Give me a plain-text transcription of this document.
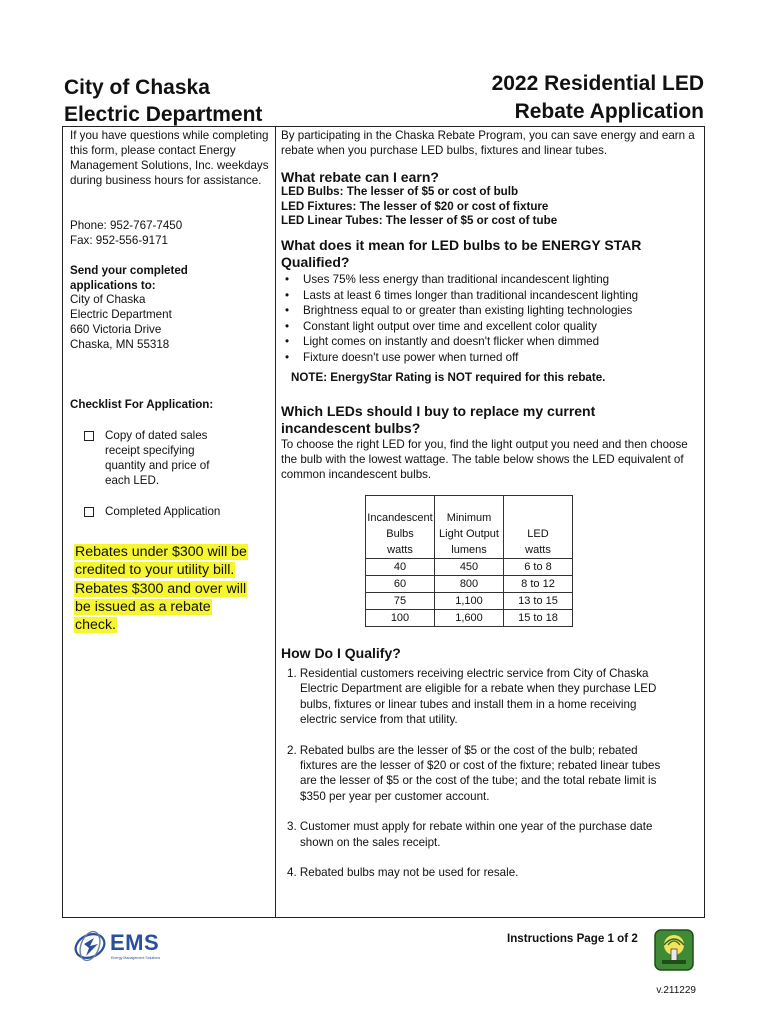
City of Chaska
Electric Department
2022 Residential LED
Rebate Application
If you have questions while completing this form, please contact Energy Management Solutions, Inc. weekdays during business hours for assistance.
Phone: 952-767-7450
Fax: 952-556-9171
Send your completed applications to:
City of Chaska
Electric Department
660 Victoria Drive
Chaska, MN 55318
Checklist For Application:
Copy of dated sales receipt specifying quantity and price of each LED.
Completed Application
Rebates under $300 will be credited to your utility bill. Rebates $300 and over will be issued as a rebate check.
By participating in the Chaska Rebate Program, you can save energy and earn a rebate when you purchase LED bulbs, fixtures and linear tubes.
What rebate can I earn?
LED Bulbs: The lesser of $5 or cost of bulb
LED Fixtures: The lesser of $20 or cost of fixture
LED Linear Tubes: The lesser of $5 or cost of tube
What does it mean for LED bulbs to be ENERGY STAR Qualified?
• Uses 75% less energy than traditional incandescent lighting
• Lasts at least 6 times longer than traditional incandescent lighting
• Brightness equal to or greater than existing lighting technologies
• Constant light output over time and excellent color quality
• Light comes on instantly and doesn't flicker when dimmed
• Fixture doesn't use power when turned off
NOTE: EnergyStar Rating is NOT required for this rebate.
Which LEDs should I buy to replace my current incandescent bulbs?
To choose the right LED for you, find the light output you need and then choose the bulb with the lowest wattage. The table below shows the LED equivalent of common incandescent bulbs.
Incandescent	Minimum	
Bulbs	Light Output	LED
watts	lumens	watts
40	450	6 to 8
60	800	8 to 12
75	1,100	13 to 15
100	1,600	15 to 18
How Do I Qualify?
1. Residential customers receiving electric service from City of Chaska Electric Department are eligible for a rebate when they purchase LED bulbs, fixtures or linear tubes and install them in a home receiving electric service from that utility.
2. Rebated bulbs are the lesser of $5 or the cost of the bulb; rebated fixtures are the lesser of $20 or cost of the fixture; rebated linear tubes are the lesser of $5 or the cost of the tube; and the total rebate limit is $350 per year per customer account.
3. Customer must apply for rebate within one year of the purchase date shown on the sales receipt.
4. Rebated bulbs may not be used for resale.
EMS
Energy Management Solutions
Instructions Page 1 of 2
v.211229
